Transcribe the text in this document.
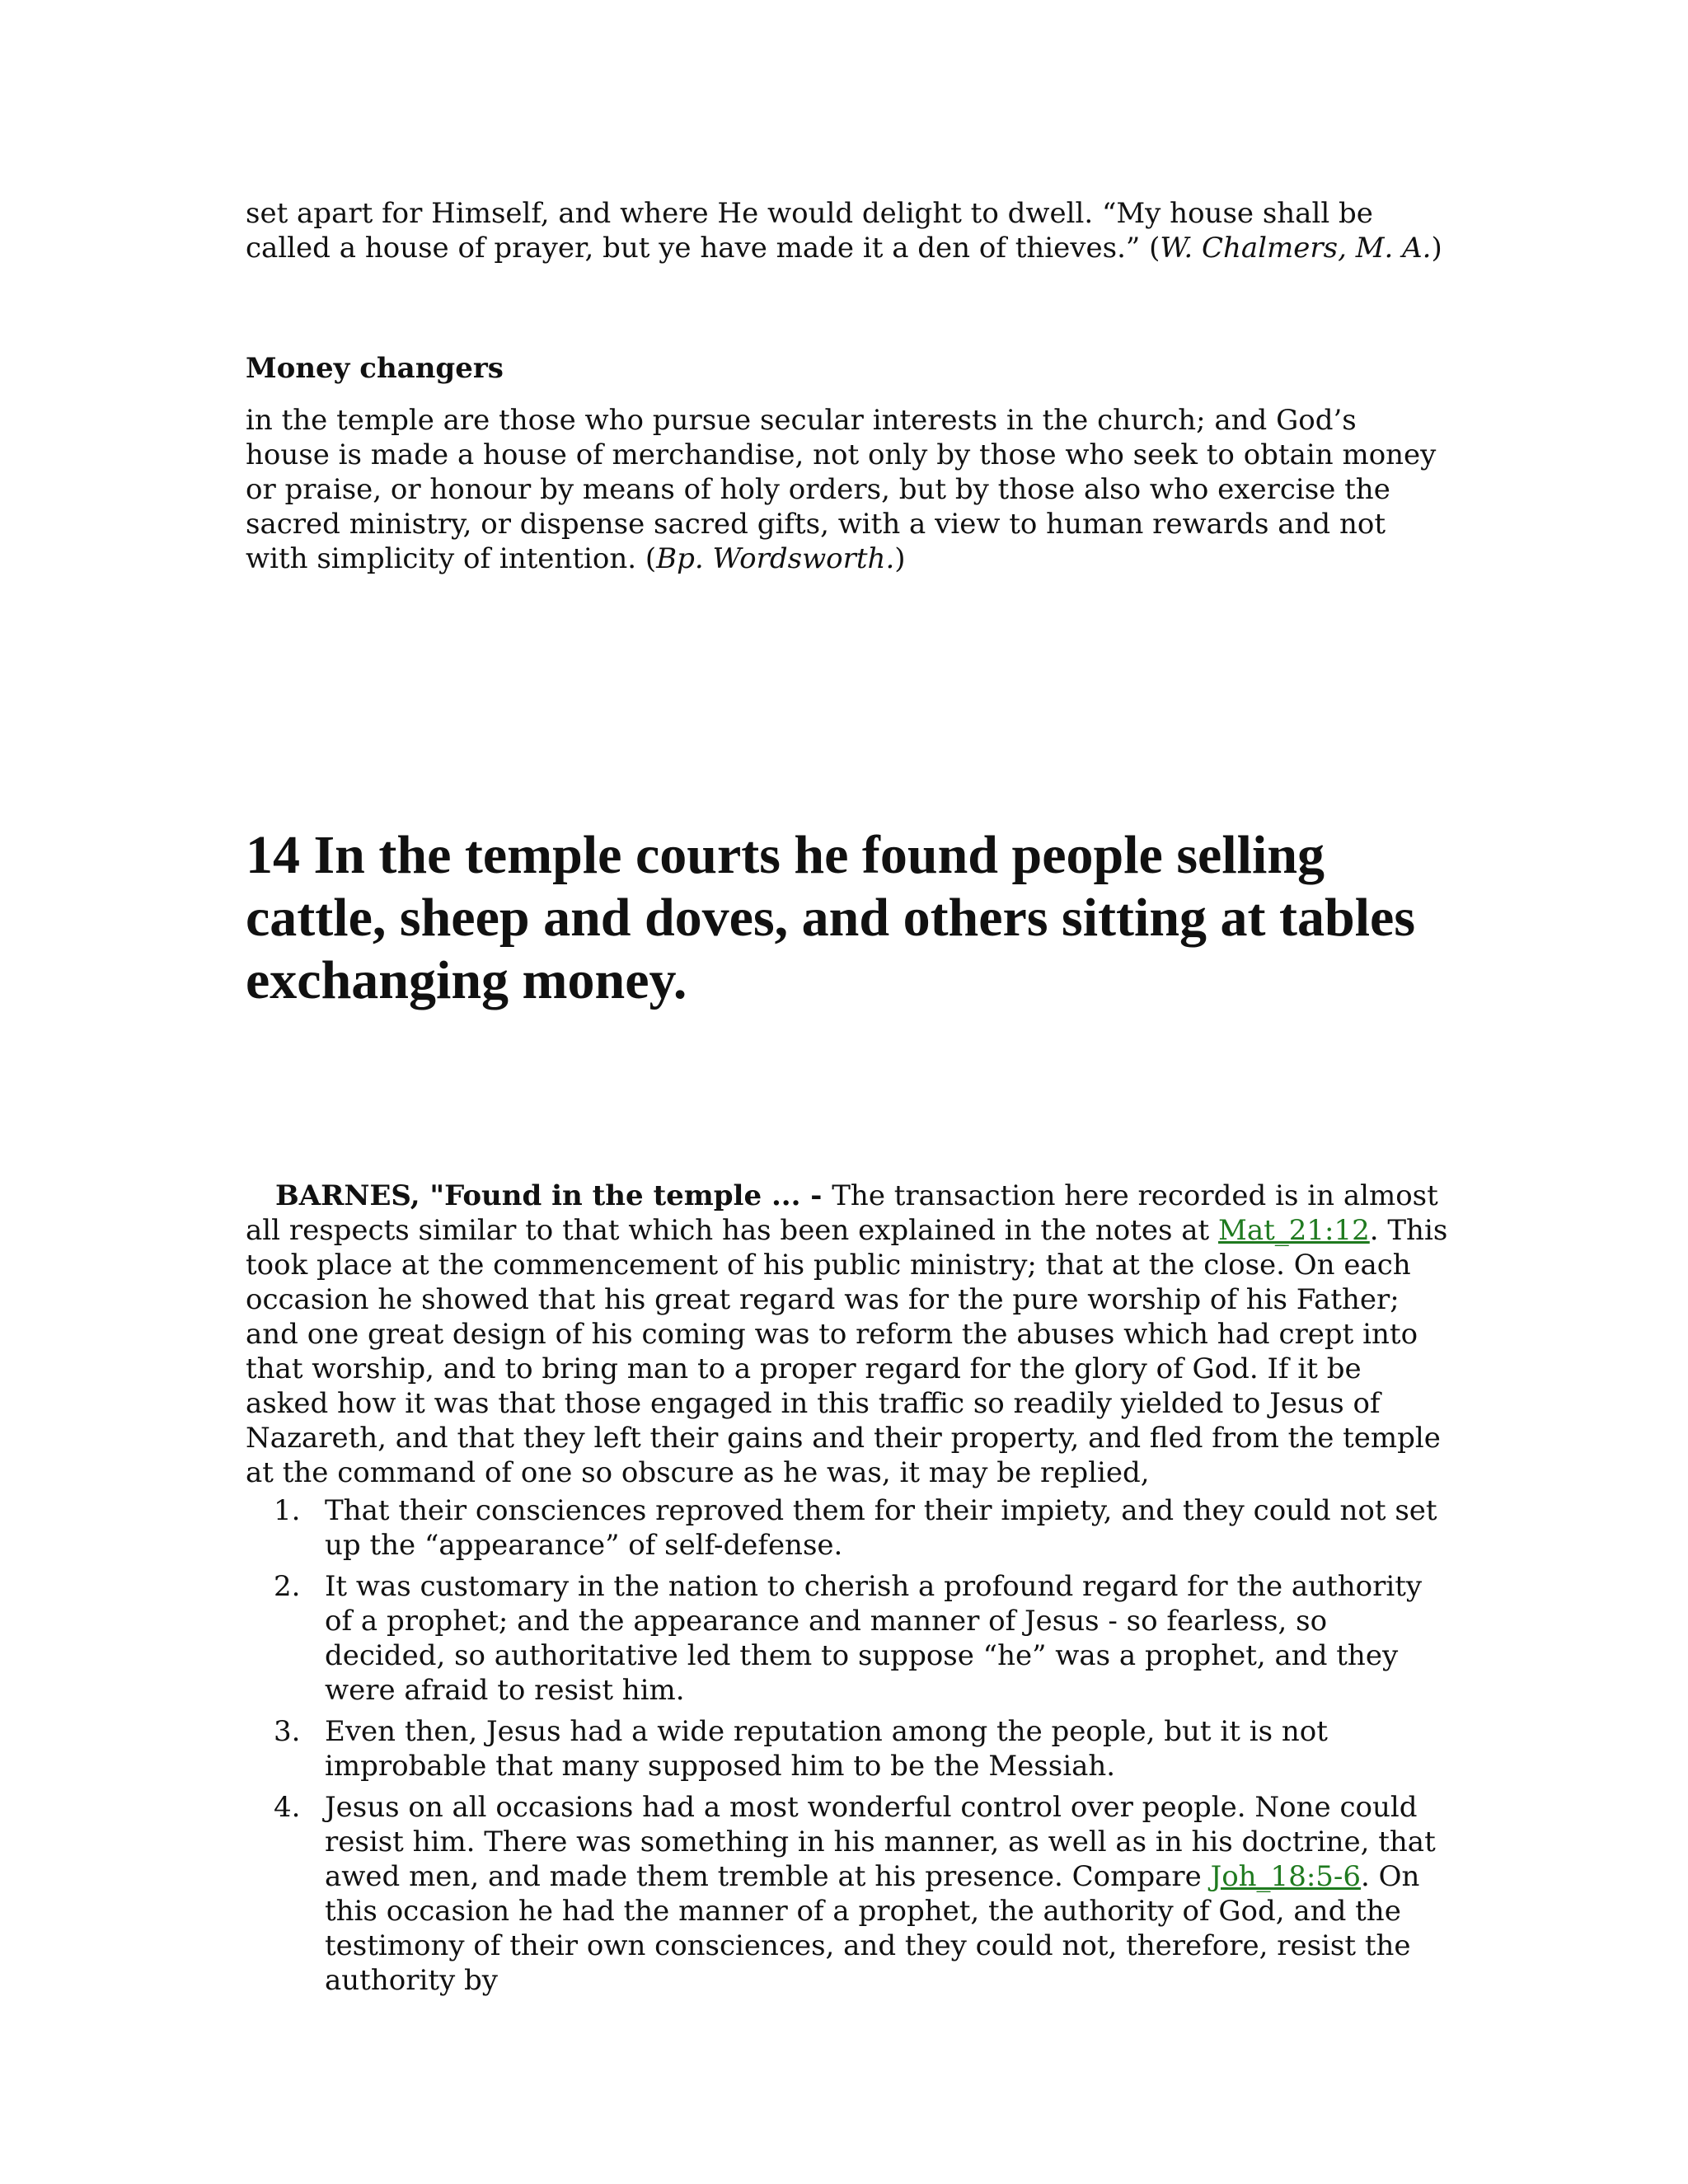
set apart for Himself, and where He would delight to dwell. “My house shall be called a house of prayer, but ye have made it a den of thieves.” (W. Chalmers, M. A.)

Money changers

in the temple are those who pursue secular interests in the church; and God’s house is made a house of merchandise, not only by those who seek to obtain money or praise, or honour by means of holy orders, but by those also who exercise the sacred ministry, or dispense sacred gifts, with a view to human rewards and not with simplicity of intention. (Bp. Wordsworth.)

14 In the temple courts he found people selling cattle, sheep and doves, and others sitting at tables exchanging money.

BARNES, "Found in the temple ... - The transaction here recorded is in almost all respects similar to that which has been explained in the notes at Mat_21:12. This took place at the commencement of his public ministry; that at the close. On each occasion he showed that his great regard was for the pure worship of his Father; and one great design of his coming was to reform the abuses which had crept into that worship, and to bring man to a proper regard for the glory of God. If it be asked how it was that those engaged in this traffic so readily yielded to Jesus of Nazareth, and that they left their gains and their property, and fled from the temple at the command of one so obscure as he was, it may be replied,

1. That their consciences reproved them for their impiety, and they could not set up the “appearance” of self-defense.
2. It was customary in the nation to cherish a profound regard for the authority of a prophet; and the appearance and manner of Jesus - so fearless, so decided, so authoritative led them to suppose “he” was a prophet, and they were afraid to resist him.
3. Even then, Jesus had a wide reputation among the people, but it is not improbable that many supposed him to be the Messiah.
4. Jesus on all occasions had a most wonderful control over people. None could resist him. There was something in his manner, as well as in his doctrine, that awed men, and made them tremble at his presence. Compare Joh_18:5-6. On this occasion he had the manner of a prophet, the authority of God, and the testimony of their own consciences, and they could not, therefore, resist the authority by
